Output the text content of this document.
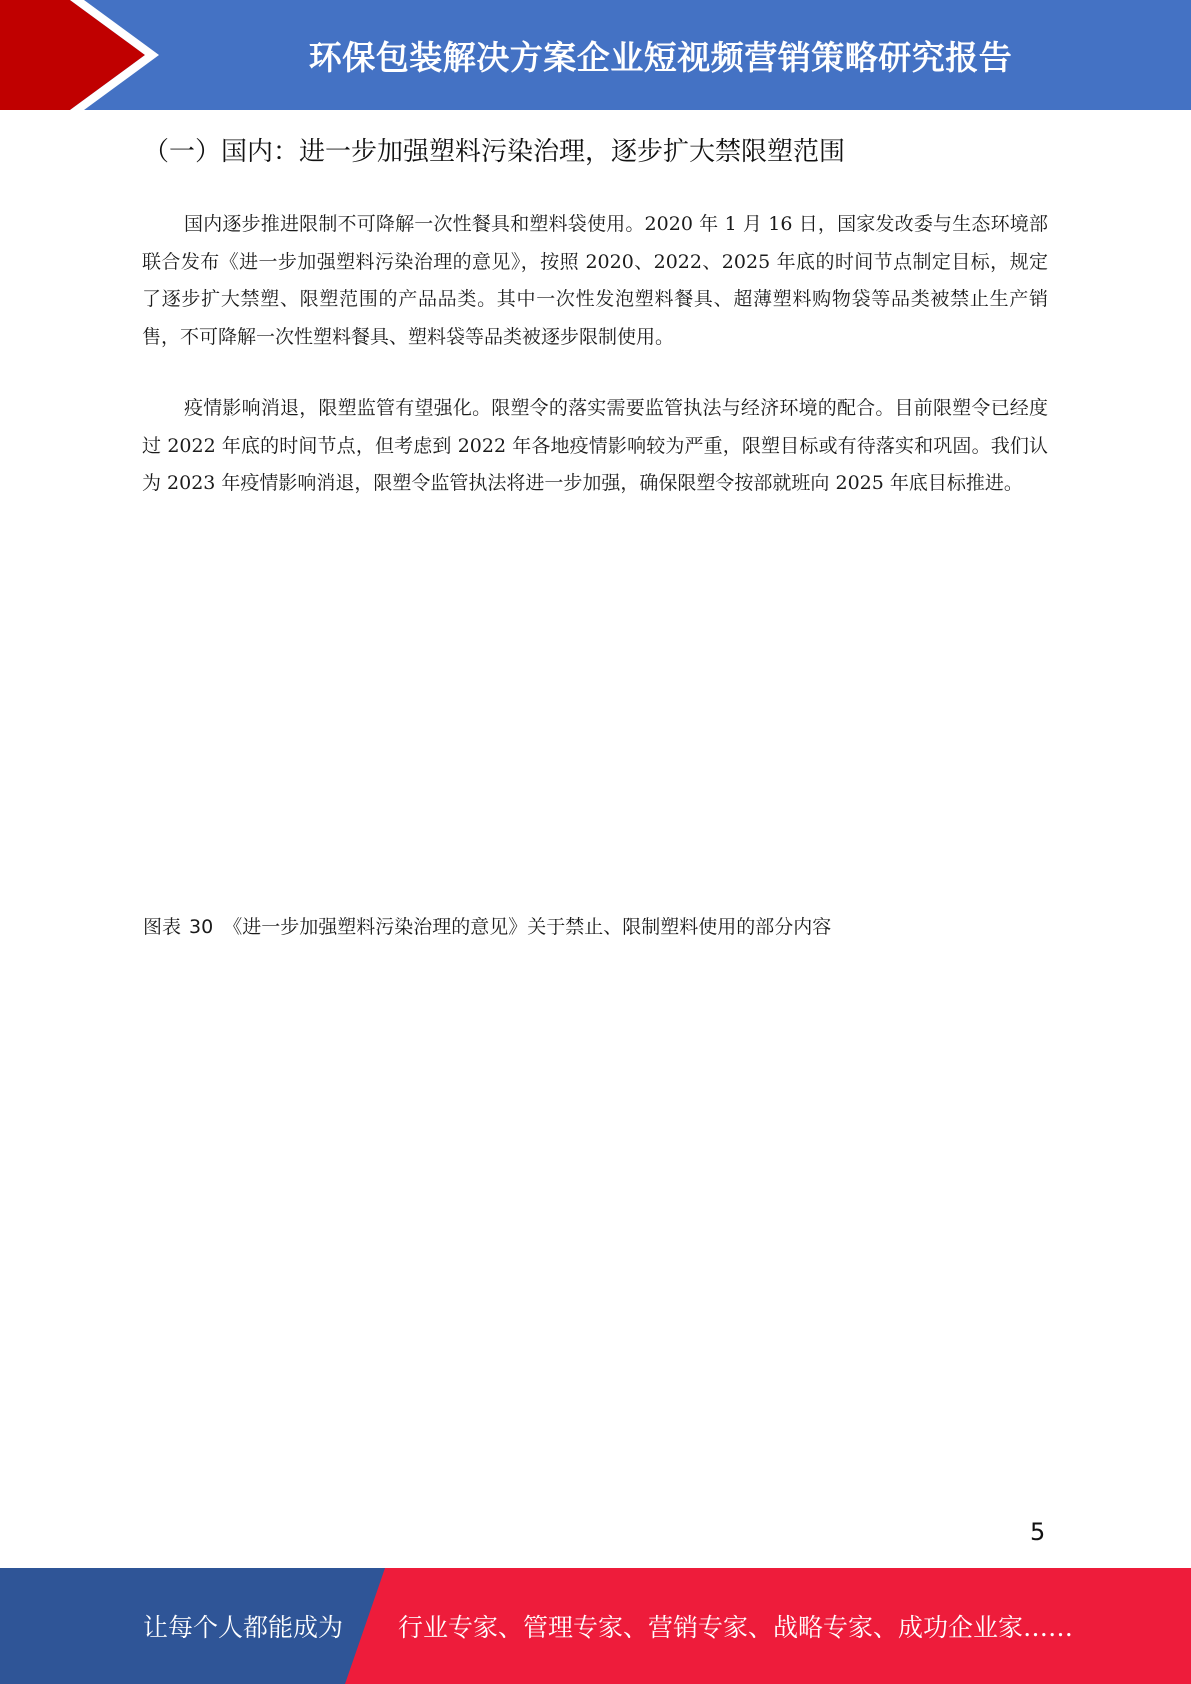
环保包装解决方案企业短视频营销策略研究报告
（一）国内：进一步加强塑料污染治理，逐步扩大禁限塑范围

国内逐步推进限制不可降解一次性餐具和塑料袋使用。2020 年 1 月 16 日，国家发改委与生态环境部联合发布《进一步加强塑料污染治理的意见》，按照 2020、2022、2025 年底的时间节点制定目标，规定了逐步扩大禁塑、限塑范围的产品品类。其中一次性发泡塑料餐具、超薄塑料购物袋等品类被禁止生产销售，不可降解一次性塑料餐具、塑料袋等品类被逐步限制使用。

疫情影响消退，限塑监管有望强化。限塑令的落实需要监管执法与经济环境的配合。目前限塑令已经度过 2022 年底的时间节点，但考虑到 2022 年各地疫情影响较为严重，限塑目标或有待落实和巩固。我们认为 2023 年疫情影响消退，限塑令监管执法将进一步加强，确保限塑令按部就班向 2025 年底目标推进。

图表 30 《进一步加强塑料污染治理的意见》关于禁止、限制塑料使用的部分内容
5
让每个人都能成为 行业专家、管理专家、营销专家、战略专家、成功企业家……
